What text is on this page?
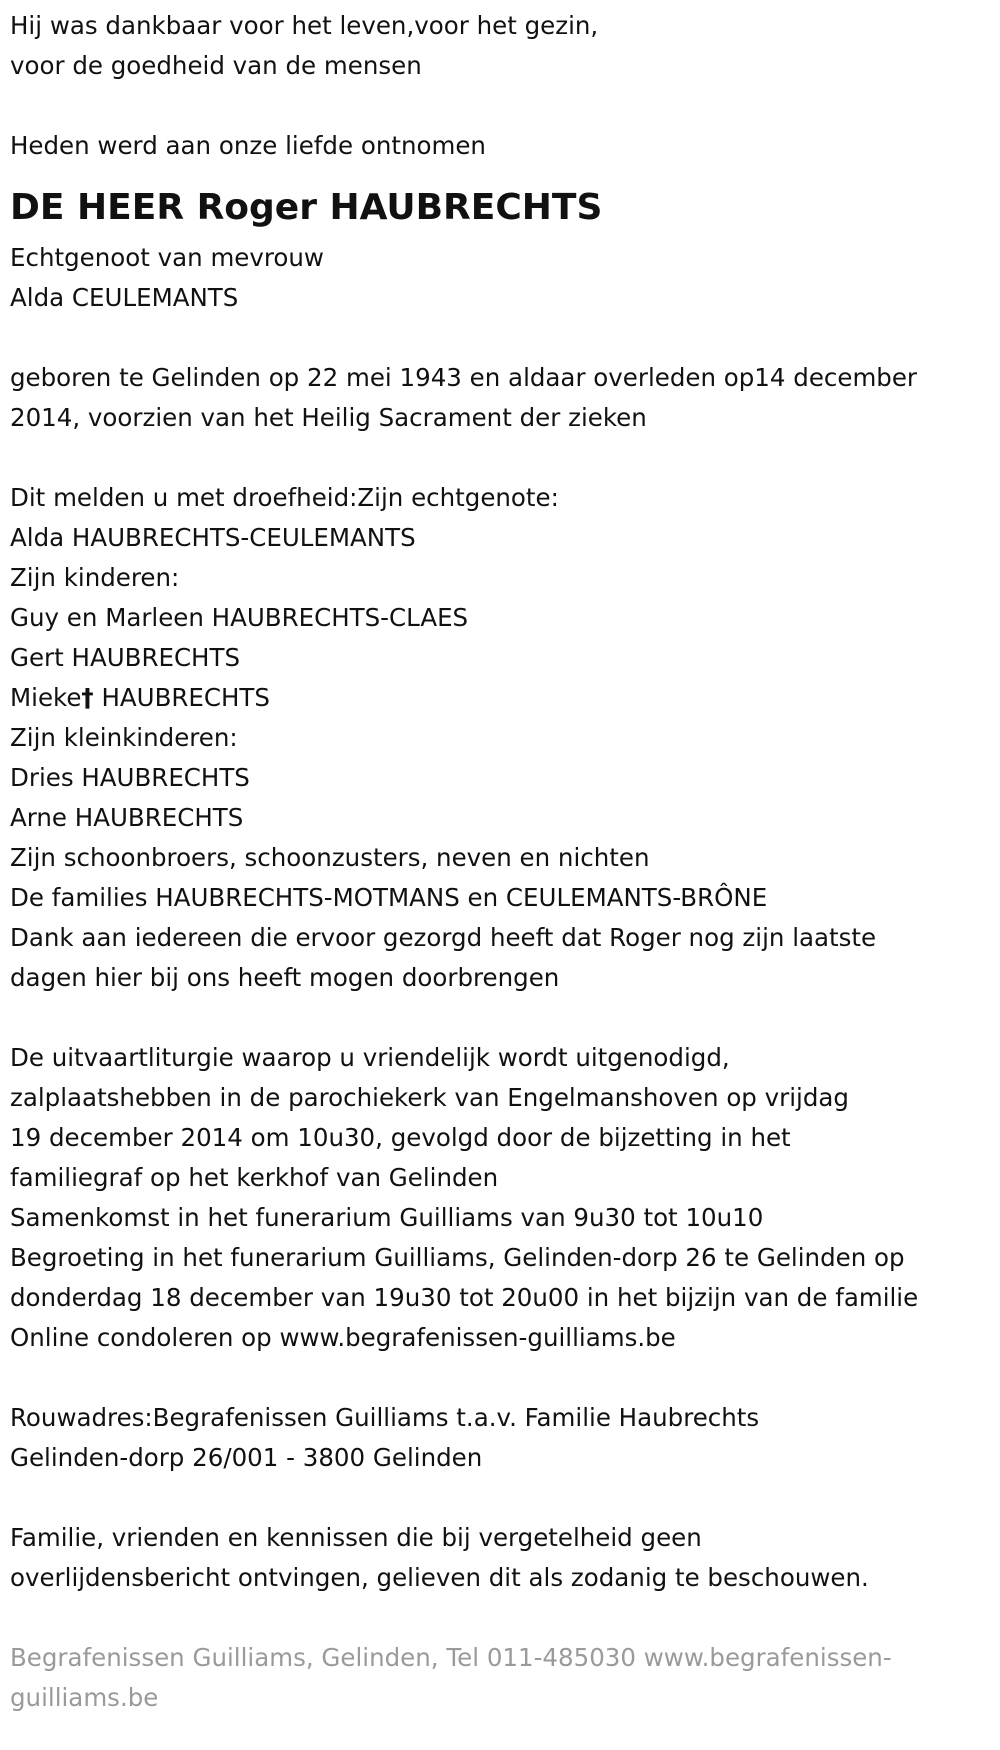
Hij was dankbaar voor het leven,voor het gezin,
voor de goedheid van de mensen
Heden werd aan onze liefde ontnomen
DE HEER Roger HAUBRECHTS
Echtgenoot van mevrouw
Alda CEULEMANTS
geboren te Gelinden op 22 mei 1943 en aldaar overleden op14 december
2014, voorzien van het Heilig Sacrament der zieken
Dit melden u met droefheid:Zijn echtgenote:
Alda HAUBRECHTS-CEULEMANTS
Zijn kinderen:
Guy en Marleen HAUBRECHTS-CLAES
Gert HAUBRECHTS
Mieke† HAUBRECHTS
Zijn kleinkinderen:
Dries HAUBRECHTS
Arne HAUBRECHTS
Zijn schoonbroers, schoonzusters, neven en nichten
De families HAUBRECHTS-MOTMANS en CEULEMANTS-BRÔNE
Dank aan iedereen die ervoor gezorgd heeft dat Roger nog zijn laatste
dagen hier bij ons heeft mogen doorbrengen
De uitvaartliturgie waarop u vriendelijk wordt uitgenodigd,
zalplaatshebben in de parochiekerk van Engelmanshoven op vrijdag
19 december 2014 om 10u30, gevolgd door de bijzetting in het
familiegraf op het kerkhof van Gelinden
Samenkomst in het funerarium Guilliams van 9u30 tot 10u10
Begroeting in het funerarium Guilliams, Gelinden-dorp 26 te Gelinden op
donderdag 18 december van 19u30 tot 20u00 in het bijzijn van de familie
Online condoleren op www.begrafenissen-guilliams.be
Rouwadres:Begrafenissen Guilliams t.a.v. Familie Haubrechts
Gelinden-dorp 26/001 - 3800 Gelinden
Familie, vrienden en kennissen die bij vergetelheid geen
overlijdensbericht ontvingen, gelieven dit als zodanig te beschouwen.
Begrafenissen Guilliams, Gelinden, Tel 011-485030 www.begrafenissen-
guilliams.be
